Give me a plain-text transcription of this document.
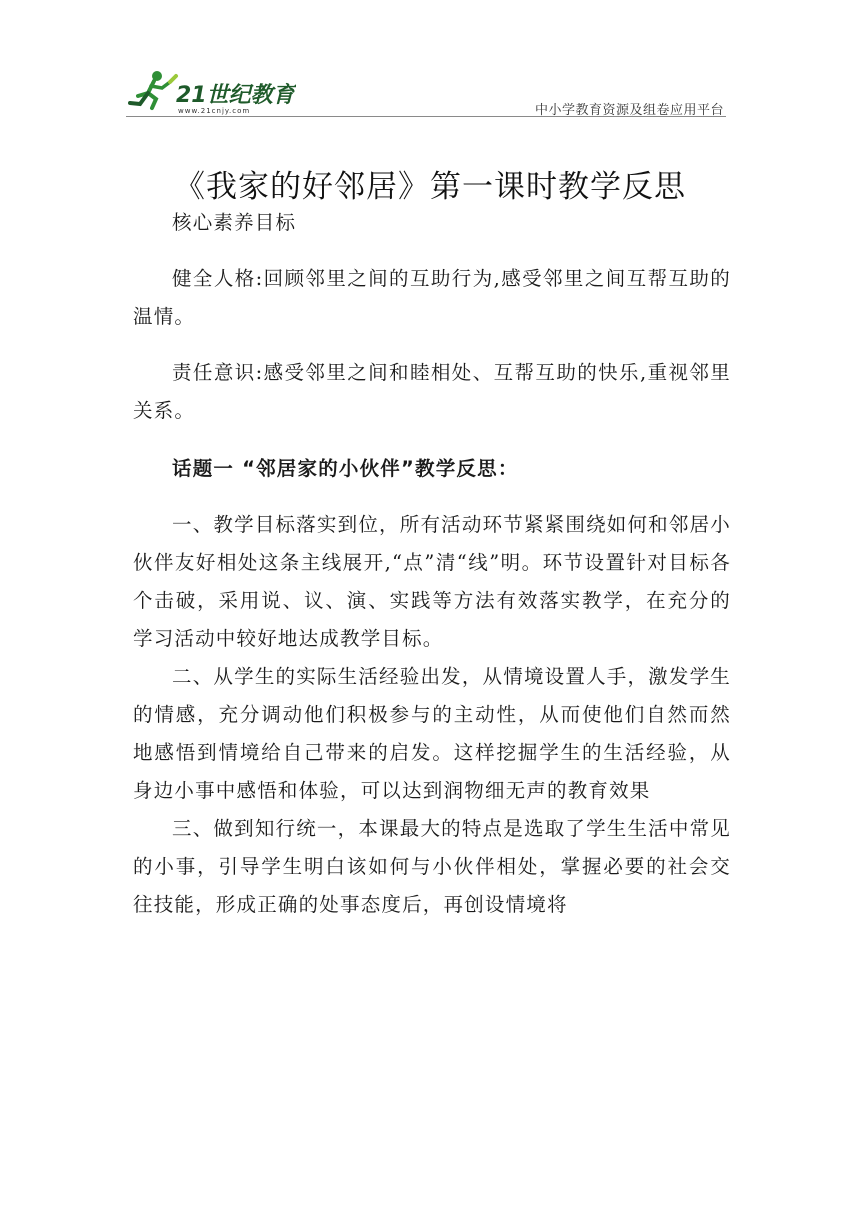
21世纪教育
www.21cnjy.com	中小学教育资源及组卷应用平台
《我家的好邻居》第一课时教学反思

核心素养目标

健全人格:回顾邻里之间的互助行为,感受邻里之间互帮互助的温情。

责任意识:感受邻里之间和睦相处、互帮互助的快乐,重视邻里关系。

话题一 “邻居家的小伙伴”教学反思：

一、教学目标落实到位，所有活动环节紧紧围绕如何和邻居小伙伴友好相处这条主线展开,“点”清“线”明。环节设置针对目标各个击破，采用说、议、演、实践等方法有效落实教学，在充分的学习活动中较好地达成教学目标。

二、从学生的实际生活经验出发，从情境设置人手，激发学生的情感，充分调动他们积极参与的主动性，从而使他们自然而然地感悟到情境给自己带来的启发。这样挖掘学生的生活经验，从身边小事中感悟和体验，可以达到润物细无声的教育效果

三、做到知行统一，本课最大的特点是选取了学生生活中常见的小事，引导学生明白该如何与小伙伴相处，掌握必要的社会交往技能，形成正确的处事态度后，再创设情境将
